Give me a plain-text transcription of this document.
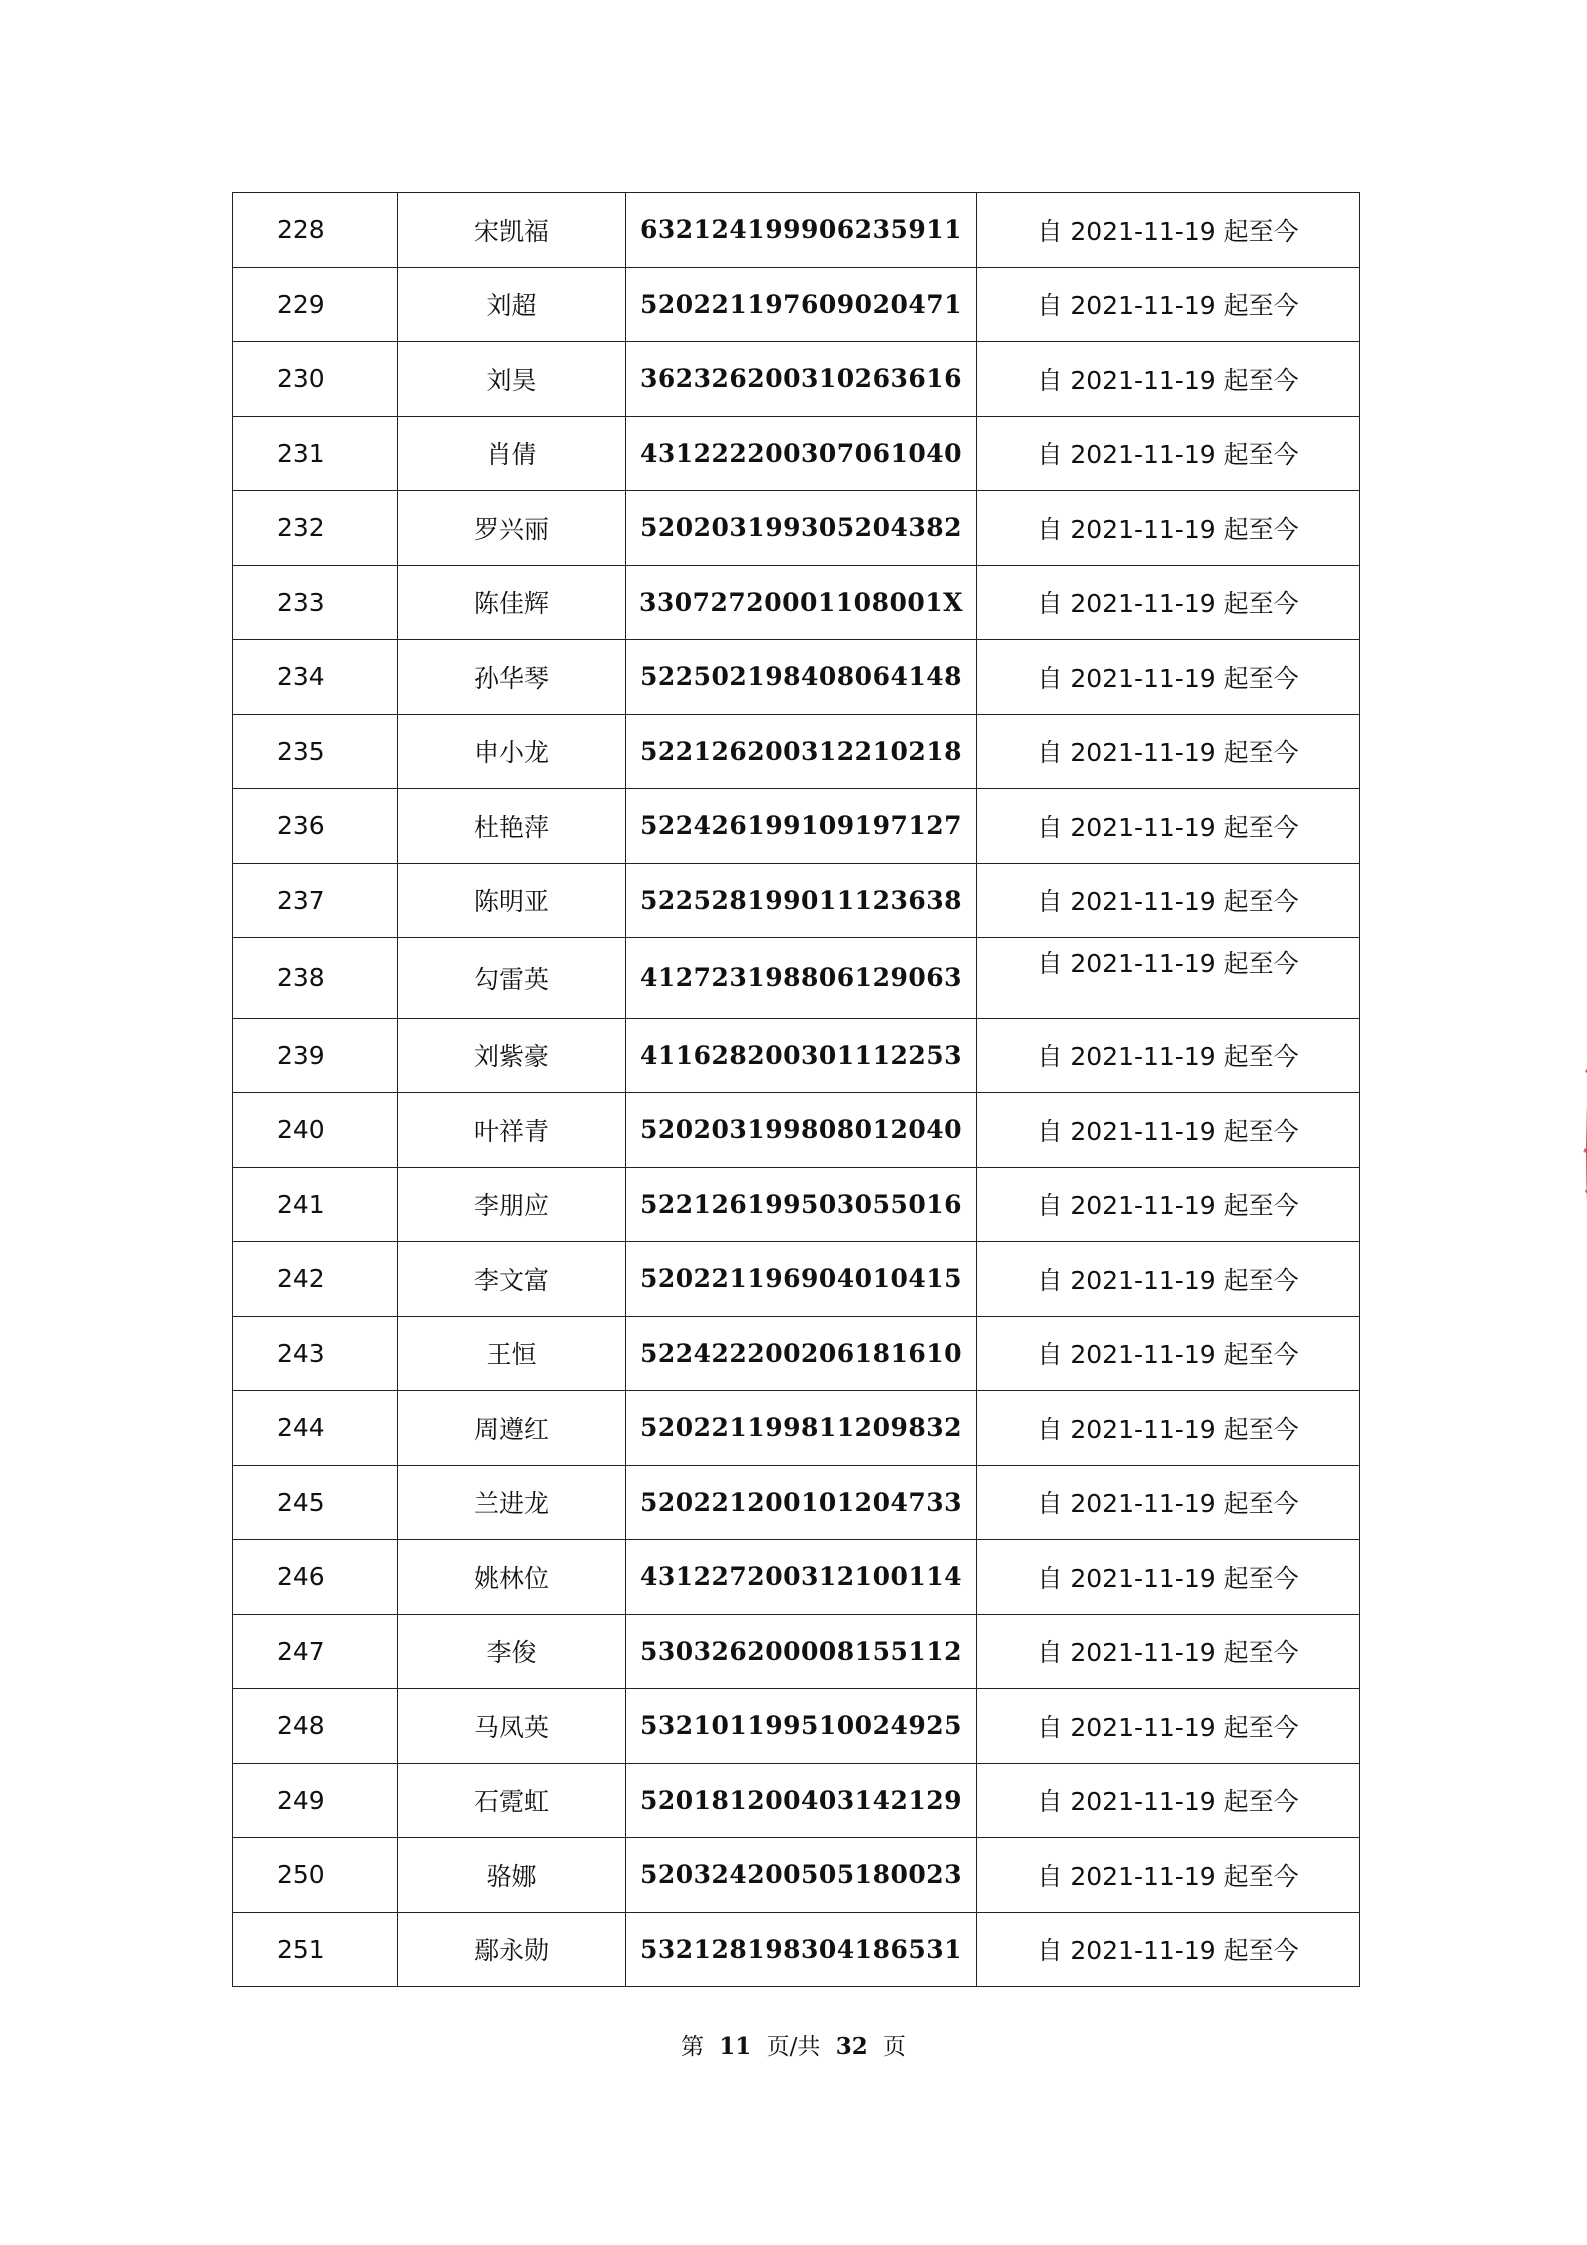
228	宋凯福	632124199906235911	自 2021-11-19 起至今
229	刘超	520221197609020471	自 2021-11-19 起至今
230	刘昊	362326200310263616	自 2021-11-19 起至今
231	肖倩	431222200307061040	自 2021-11-19 起至今
232	罗兴丽	520203199305204382	自 2021-11-19 起至今
233	陈佳辉	33072720001108001X	自 2021-11-19 起至今
234	孙华琴	522502198408064148	自 2021-11-19 起至今
235	申小龙	522126200312210218	自 2021-11-19 起至今
236	杜艳萍	522426199109197127	自 2021-11-19 起至今
237	陈明亚	522528199011123638	自 2021-11-19 起至今
238	勾雷英	412723198806129063	自 2021-11-19 起至今
239	刘紫豪	411628200301112253	自 2021-11-19 起至今
240	叶祥青	520203199808012040	自 2021-11-19 起至今
241	李朋应	522126199503055016	自 2021-11-19 起至今
242	李文富	520221196904010415	自 2021-11-19 起至今
243	王恒	522422200206181610	自 2021-11-19 起至今
244	周遵红	520221199811209832	自 2021-11-19 起至今
245	兰进龙	520221200101204733	自 2021-11-19 起至今
246	姚林位	431227200312100114	自 2021-11-19 起至今
247	李俊	530326200008155112	自 2021-11-19 起至今
248	马凤英	532101199510024925	自 2021-11-19 起至今
249	石霓虹	520181200403142129	自 2021-11-19 起至今
250	骆娜	520324200505180023	自 2021-11-19 起至今
251	鄢永勋	532128198304186531	自 2021-11-19 起至今
第 11 页/共 32 页
